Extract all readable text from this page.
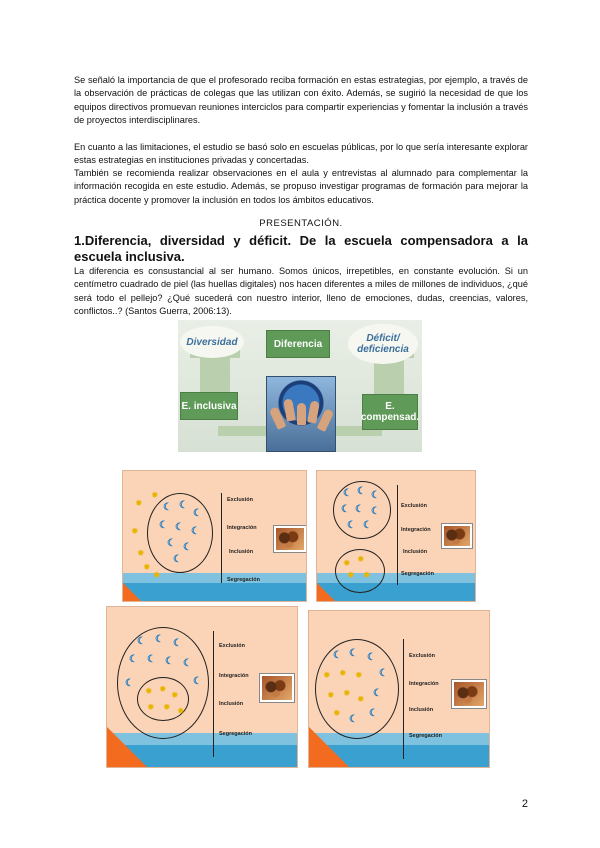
Se señaló la importancia de que el profesorado reciba formación en estas estrategias, por ejemplo, a través de la observación de prácticas de colegas que las utilizan con éxito. Además, se sugirió la necesidad de que los equipos directivos promuevan reuniones interciclos para compartir experiencias y fomentar la inclusión a través de proyectos interdisciplinares.

En cuanto a las limitaciones, el estudio se basó solo en escuelas públicas, por lo que sería interesante explorar estas estrategias en instituciones privadas y concertadas.

También se recomienda realizar observaciones en el aula y entrevistas al alumnado para complementar la información recogida en este estudio. Además, se propuso investigar programas de formación para mejorar la práctica docente y promover la inclusión en todos los ámbitos educativos.

PRESENTACIÓN.
1.Diferencia, diversidad y déficit. De la escuela compensadora a la escuela inclusiva.

La diferencia es consustancial al ser humano. Somos únicos, irrepetibles, en constante evolución. Si un centímetro cuadrado de piel (las huellas digitales) nos hacen diferentes a miles de millones de individuos, ¿qué será todo el pellejo? ¿Qué sucederá con nuestro interior, lleno de emociones, dudas, creencias, valores, conflictos..? (Santos Guerra, 2006:13).

Diversidad	Diferencia	Déficit/ deficiencia
E. inclusiva	E. compensad.
Exclusión
Integración
Inclusión
Segregación
✹
✹
✹
✹
✹
✹
☾ ☾
☾
☾ ☾ ☾
☾ ☾
☾
Exclusión
Integración
Inclusión
Segregación
☾ ☾ ☾
☾ ☾ ☾
☾ ☾
✹ ✹
✹ ✹
Exclusión
Integración
Inclusión
Segregación
☾ ☾ ☾
☾ ☾ ☾ ☾
☾
☾
✹ ✹
✹
✹ ✹ ✹
Exclusión
Integración
Inclusión
Segregación
☾ ☾ ☾
☾
☾
☾
☾
✹ ✹ ✹
✹ ✹
✹
✹
2
